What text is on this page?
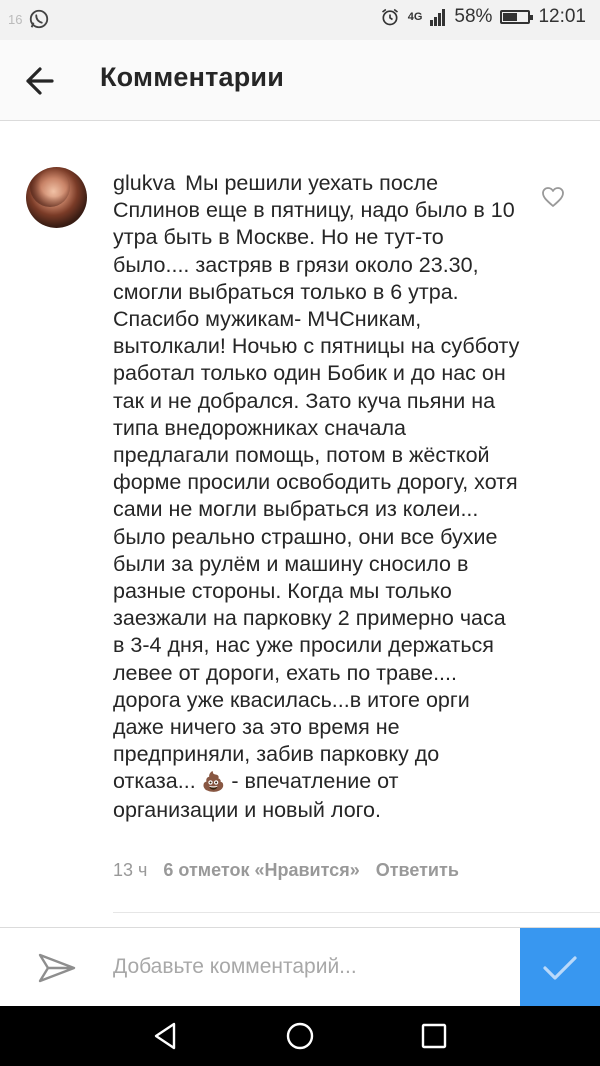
16	4G 58% 12:01
Комментарии
glukva Мы решили уехать после Сплинов еще в пятницу, надо было в 10 утра быть в Москве. Но не тут-то было.... застряв в грязи около 23.30, смогли выбраться только в 6 утра. Спасибо мужикам- МЧСникам, вытолкали! Ночью с пятницы на субботу работал только один Бобик и до нас он так и не добрался. Зато куча пьяни на типа внедорожниках сначала предлагали помощь, потом в жёсткой форме просили освободить дорогу, хотя сами не могли выбраться из колеи... было реально страшно, они все бухие были за рулём и машину сносило в разные стороны. Когда мы только заезжали на парковку 2 примерно часа в 3-4 дня, нас уже просили держаться левее от дороги, ехать по траве.... дорога уже квасилась...в итоге орги даже ничего за это время не предприняли, забив парковку до отказа... 💩 - впечатление от организации и новый лого.
13 ч 6 отметок «Нравится» Ответить
Добавьте комментарий...
